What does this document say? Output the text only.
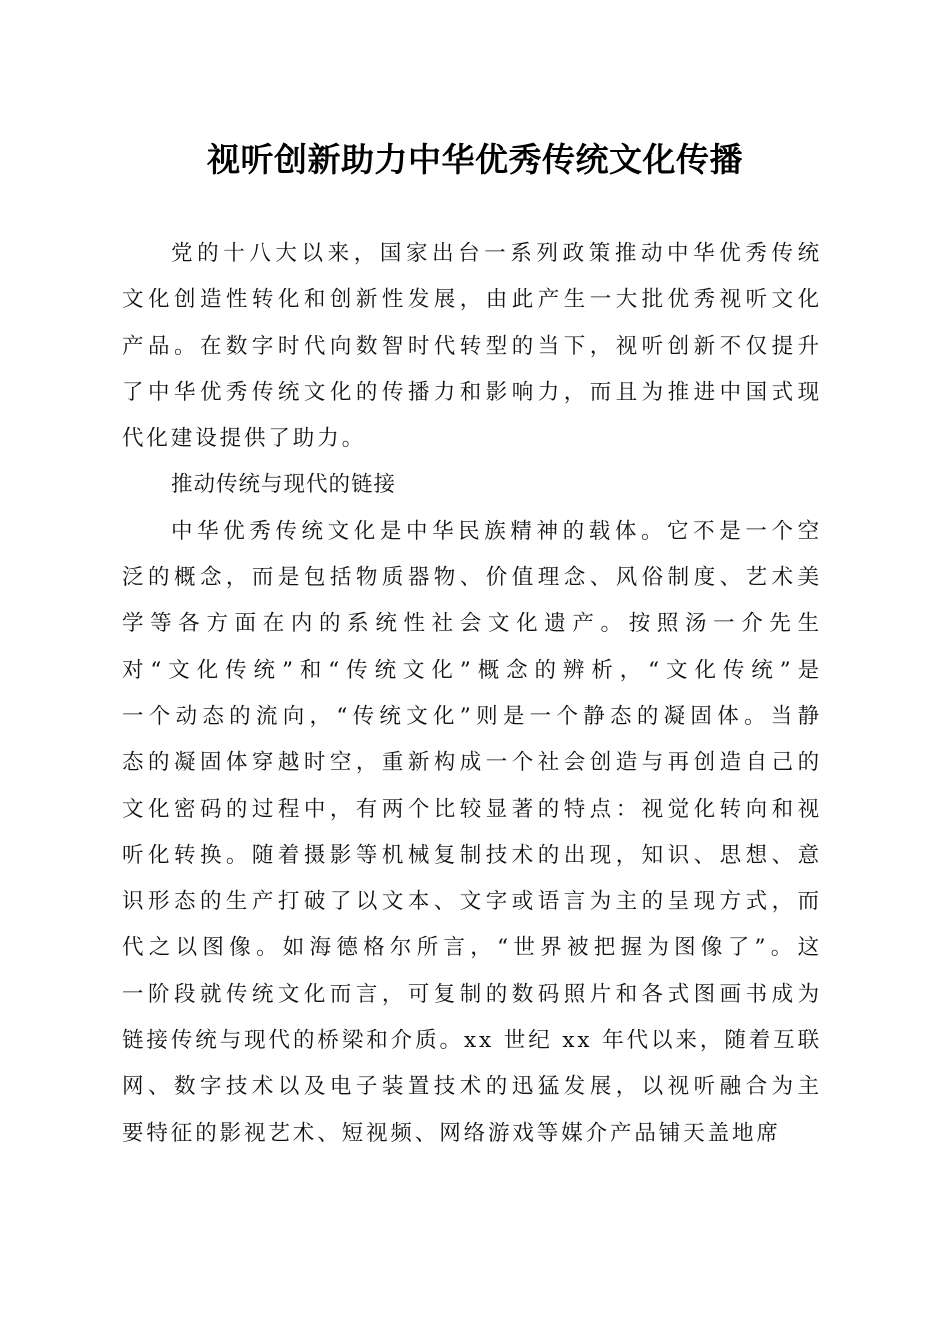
视听创新助力中华优秀传统文化传播

党的十八大以来，国家出台一系列政策推动中华优秀传统
文化创造性转化和创新性发展，由此产生一大批优秀视听文化
产品。在数字时代向数智时代转型的当下，视听创新不仅提升
了中华优秀传统文化的传播力和影响力，而且为推进中国式现
代化建设提供了助力。

推动传统与现代的链接

中华优秀传统文化是中华民族精神的载体。它不是一个空
泛的概念，而是包括物质器物、价值理念、风俗制度、艺术美
学等各方面在内的系统性社会文化遗产。按照汤一介先生
对“文化传统”和“传统文化”概念的辨析，“文化传统”是
一个动态的流向，“传统文化”则是一个静态的凝固体。当静
态的凝固体穿越时空，重新构成一个社会创造与再创造自己的
文化密码的过程中，有两个比较显著的特点：视觉化转向和视
听化转换。随着摄影等机械复制技术的出现，知识、思想、意
识形态的生产打破了以文本、文字或语言为主的呈现方式，而
代之以图像。如海德格尔所言，“世界被把握为图像了”。这
一阶段就传统文化而言，可复制的数码照片和各式图画书成为
链接传统与现代的桥梁和介质。xx 世纪 xx 年代以来，随着互联
网、数字技术以及电子装置技术的迅猛发展，以视听融合为主
要特征的影视艺术、短视频、网络游戏等媒介产品铺天盖地席
